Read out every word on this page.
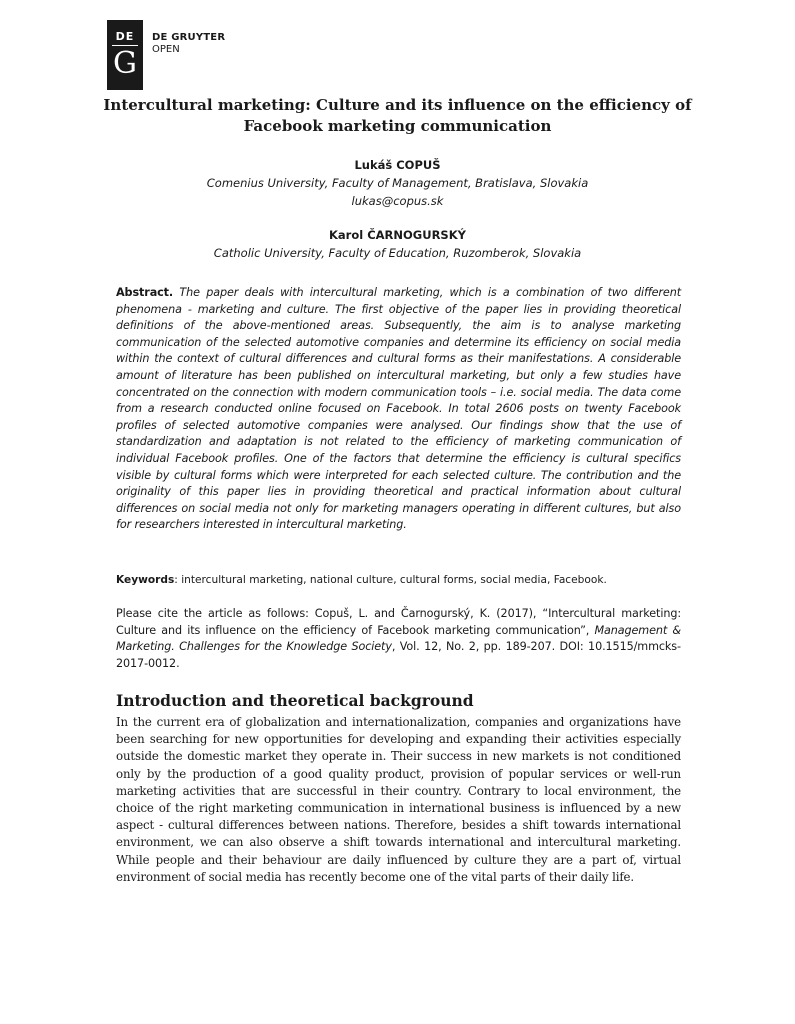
DE
G
DE GRUYTER
OPEN
Intercultural marketing: Culture and its influence on the efficiency of Facebook marketing communication
Lukáš COPUŠ
Comenius University, Faculty of Management, Bratislava, Slovakia
lukas@copus.sk
Karol ČARNOGURSKÝ
Catholic University, Faculty of Education, Ruzomberok, Slovakia
Abstract. The paper deals with intercultural marketing, which is a combination of two different phenomena - marketing and culture. The first objective of the paper lies in providing theoretical definitions of the above-mentioned areas. Subsequently, the aim is to analyse marketing communication of the selected automotive companies and determine its efficiency on social media within the context of cultural differences and cultural forms as their manifestations. A considerable amount of literature has been published on intercultural marketing, but only a few studies have concentrated on the connection with modern communication tools – i.e. social media. The data come from a research conducted online focused on Facebook. In total 2606 posts on twenty Facebook profiles of selected automotive companies were analysed. Our findings show that the use of standardization and adaptation is not related to the efficiency of marketing communication of individual Facebook profiles. One of the factors that determine the efficiency is cultural specifics visible by cultural forms which were interpreted for each selected culture. The contribution and the originality of this paper lies in providing theoretical and practical information about cultural differences on social media not only for marketing managers operating in different cultures, but also for researchers interested in intercultural marketing.
Keywords: intercultural marketing, national culture, cultural forms, social media, Facebook.
Please cite the article as follows: Copuš, L. and Čarnogurský, K. (2017), “Intercultural marketing: Culture and its influence on the efficiency of Facebook marketing communication”, Management & Marketing. Challenges for the Knowledge Society, Vol. 12, No. 2, pp. 189-207. DOI: 10.1515/mmcks-2017-0012.
Introduction and theoretical background
In the current era of globalization and internationalization, companies and organizations have been searching for new opportunities for developing and expanding their activities especially outside the domestic market they operate in. Their success in new markets is not conditioned only by the production of a good quality product, provision of popular services or well-run marketing activities that are successful in their country. Contrary to local environment, the choice of the right marketing communication in international business is influenced by a new aspect - cultural differences between nations. Therefore, besides a shift towards international environment, we can also observe a shift towards international and intercultural marketing. While people and their behaviour are daily influenced by culture they are a part of, virtual environment of social media has recently become one of the vital parts of their daily life.
